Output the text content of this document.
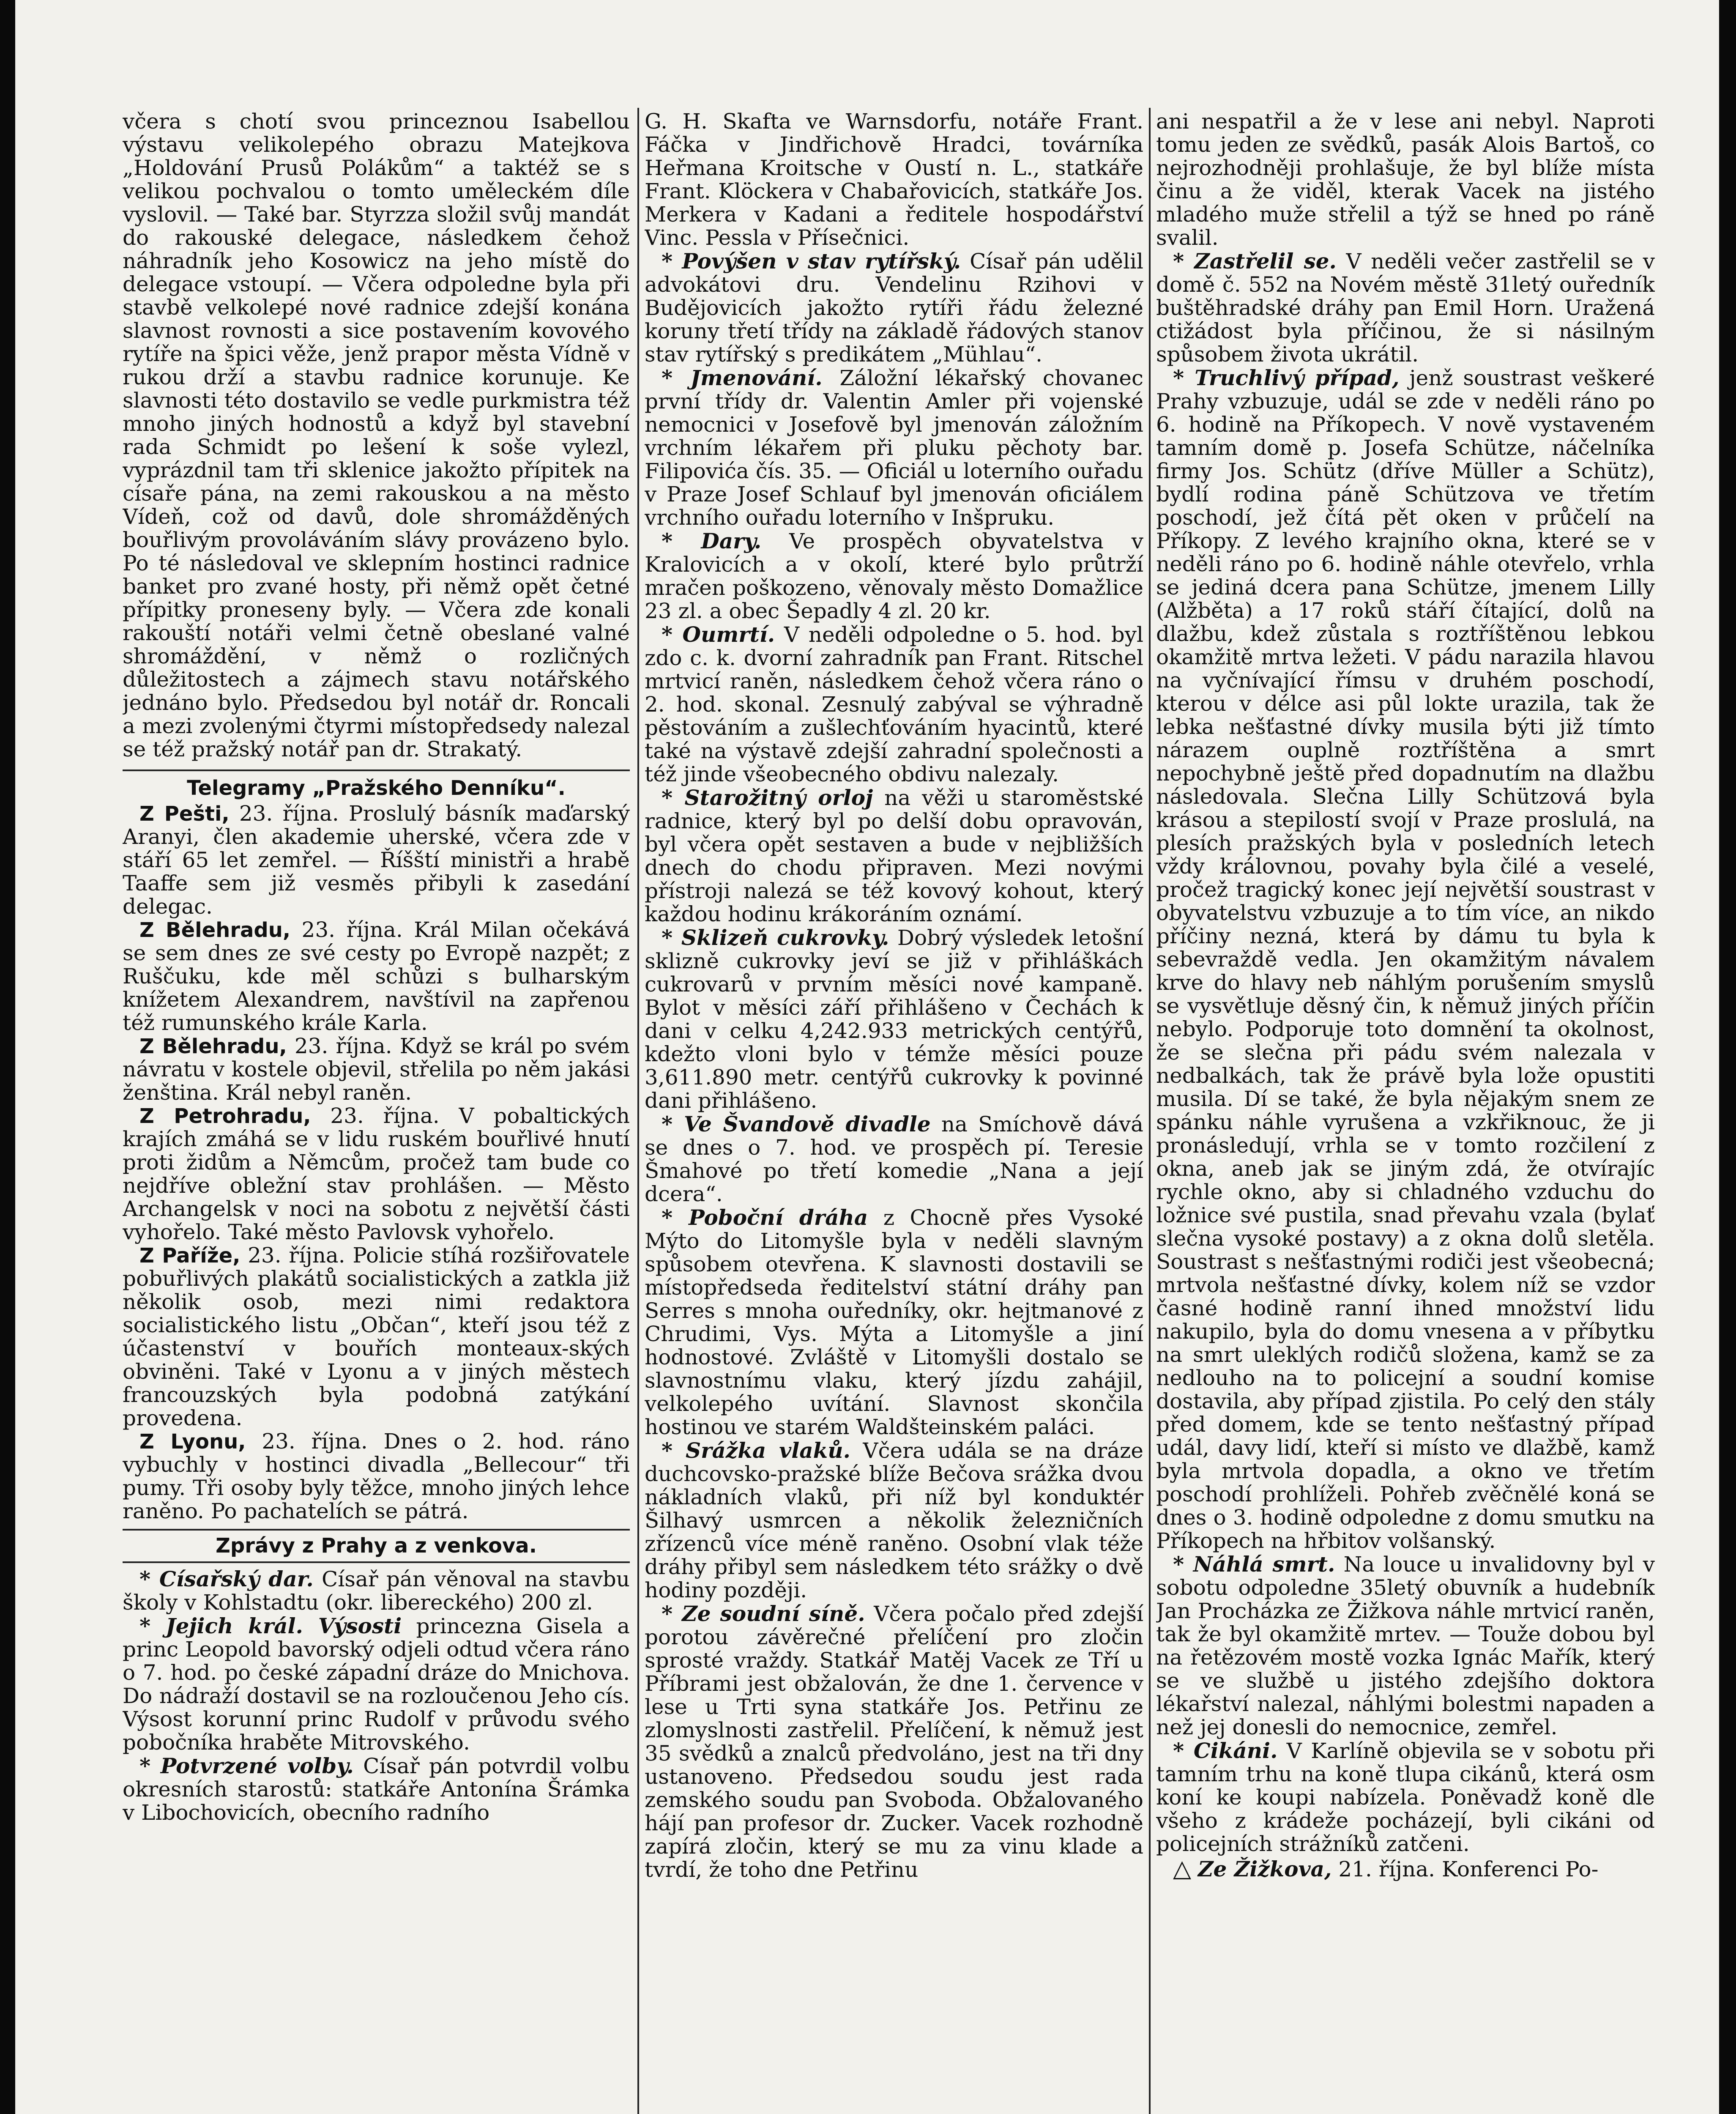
včera s chotí svou princeznou Isabellou výstavu velikolepého obrazu Matejkova „Holdování Prusů Polákům“ a taktéž se s velikou pochvalou o tomto uměleckém díle vyslovil. — Také bar. Styrzza složil svůj mandát do rakouské delegace, následkem čehož náhradník jeho Kosowicz na jeho místě do delegace vstoupí. — Včera odpoledne byla při stavbě velkolepé nové radnice zdejší konána slavnost rovnosti a sice postavením kovového rytíře na špici věže, jenž prapor města Vídně v rukou drží a stavbu radnice korunuje. Ke slavnosti této dostavilo se vedle purkmistra též mnoho jiných hodnostů a když byl stavební rada Schmidt po lešení k soše vylezl, vyprázdnil tam tři sklenice jakožto přípitek na císaře pána, na zemi rakouskou a na město Vídeň, což od davů, dole shromážděných bouřlivým provoláváním slávy provázeno bylo. Po té následoval ve sklepním hostinci radnice banket pro zvané hosty, při němž opět četné přípitky proneseny byly. — Včera zde konali rakouští notáři velmi četně obeslané valné shromáždění, v němž o rozličných důležitostech a zájmech stavu notářského jednáno bylo. Předsedou byl notář dr. Roncali a mezi zvolenými čtyrmi místopředsedy nalezal se též pražský notář pan dr. Strakatý.

Telegramy „Pražského Denníku“.

Z Pešti, 23. října. Proslulý básník maďarský Aranyi, člen akademie uherské, včera zde v stáří 65 let zemřel. — Říšští ministři a hrabě Taaffe sem již vesměs přibyli k zasedání delegac.

Z Bělehradu, 23. října. Král Milan očekává se sem dnes ze své cesty po Evropě nazpět; z Ruščuku, kde měl schůzi s bulharským knížetem Alexandrem, navštívil na zapřenou též rumunského krále Karla.

Z Bělehradu, 23. října. Když se král po svém návratu v kostele objevil, střelila po něm jakási ženština. Král nebyl raněn.

Z Petrohradu, 23. října. V pobaltických krajích zmáhá se v lidu ruském bouřlivé hnutí proti židům a Němcům, pročež tam bude co nejdříve obležní stav prohlášen. — Město Archangelsk v noci na sobotu z největší části vyhořelo. Také město Pavlovsk vyhořelo.

Z Paříže, 23. října. Policie stíhá rozšiřovatele pobuřlivých plakátů socialistických a zatkla již několik osob, mezi nimi redaktora socialistického listu „Občan“, kteří jsou též z účastenství v bouřích monteaux-ských obviněni. Také v Lyonu a v jiných městech francouzských byla podobná zatýkání provedena.

Z Lyonu, 23. října. Dnes o 2. hod. ráno vybuchly v hostinci divadla „Bellecour“ tři pumy. Tři osoby byly těžce, mnoho jiných lehce raněno. Po pachatelích se pátrá.

Zprávy z Prahy a z venkova.

* Císařský dar. Císař pán věnoval na stavbu školy v Kohlstadtu (okr. libereckého) 200 zl.

* Jejich král. Výsosti princezna Gisela a princ Leopold bavorský odjeli odtud včera ráno o 7. hod. po české západní dráze do Mnichova. Do nádraží dostavil se na rozloučenou Jeho cís. Výsost korunní princ Rudolf v průvodu svého pobočníka hraběte Mitrovského.

* Potvrzené volby. Císař pán potvrdil volbu okresních starostů: statkáře Antonína Šrámka v Libochovicích, obecního radního

G. H. Skafta ve Warnsdorfu, notáře Frant. Fáčka v Jindřichově Hradci, továrníka Heřmana Kroitsche v Oustí n. L., statkáře Frant. Klöckera v Chabařovicích, statkáře Jos. Merkera v Kadani a ředitele hospodářství Vinc. Pessla v Přísečnici.

* Povýšen v stav rytířský. Císař pán udělil advokátovi dru. Vendelinu Rzihovi v Budějovicích jakožto rytíři řádu železné koruny třetí třídy na základě řádových stanov stav rytířský s predikátem „Mühlau“.

* Jmenování. Záložní lékařský chovanec první třídy dr. Valentin Amler při vojenské nemocnici v Josefově byl jmenován záložním vrchním lékařem při pluku pěchoty bar. Filipovića čís. 35. — Oficiál u loterního ouřadu v Praze Josef Schlauf byl jmenován oficiálem vrchního ouřadu loterního v Inšpruku.

* Dary. Ve prospěch obyvatelstva v Kralovicích a v okolí, které bylo průtrží mračen poškozeno, věnovaly město Domažlice 23 zl. a obec Šepadly 4 zl. 20 kr.

* Oumrtí. V neděli odpoledne o 5. hod. byl zdo c. k. dvorní zahradník pan Frant. Ritschel mrtvicí raněn, následkem čehož včera ráno o 2. hod. skonal. Zesnulý zabýval se výhradně pěstováním a zušlechťováním hyacintů, které také na výstavě zdejší zahradní společnosti a též jinde všeobecného obdivu nalezaly.

* Starožitný orloj na věži u staroměstské radnice, který byl po delší dobu opravován, byl včera opět sestaven a bude v nejbližších dnech do chodu připraven. Mezi novými přístroji nalezá se též kovový kohout, který každou hodinu krákoráním oznámí.

* Sklizeň cukrovky. Dobrý výsledek letošní sklizně cukrovky jeví se již v přihláškách cukrovarů v prvním měsíci nové kampaně. Bylot v měsíci září přihlášeno v Čechách k dani v celku 4,242.933 metrických centýřů, kdežto vloni bylo v témže měsíci pouze 3,611.890 metr. centýřů cukrovky k povinné dani přihlášeno.

* Ve Švandově divadle na Smíchově dává se dnes o 7. hod. ve prospěch pí. Teresie Šmahové po třetí komedie „Nana a její dcera“.

* Poboční dráha z Chocně přes Vysoké Mýto do Litomyšle byla v neděli slavným spůsobem otevřena. K slavnosti dostavili se místopředseda ředitelství státní dráhy pan Serres s mnoha ouředníky, okr. hejtmanové z Chrudimi, Vys. Mýta a Litomyšle a jiní hodnostové. Zvláště v Litomyšli dostalo se slavnostnímu vlaku, který jízdu zahájil, velkolepého uvítání. Slavnost skončila hostinou ve starém Waldšteinském paláci.

* Srážka vlaků. Včera udála se na dráze duchcovsko-pražské blíže Bečova srážka dvou nákladních vlaků, při níž byl konduktér Šilhavý usmrcen a několik železničních zřízenců více méně raněno. Osobní vlak téže dráhy přibyl sem následkem této srážky o dvě hodiny později.

* Ze soudní síně. Včera počalo před zdejší porotou závěrečné přelíčení pro zločin sprosté vraždy. Statkář Matěj Vacek ze Tří u Příbrami jest obžalován, že dne 1. července v lese u Trti syna statkáře Jos. Petřinu ze zlomyslnosti zastřelil. Přelíčení, k němuž jest 35 svědků a znalců předvoláno, jest na tři dny ustanoveno. Předsedou soudu jest rada zemského soudu pan Svoboda. Obžalovaného hájí pan profesor dr. Zucker. Vacek rozhodně zapírá zločin, který se mu za vinu klade a tvrdí, že toho dne Petřinu

ani nespatřil a že v lese ani nebyl. Naproti tomu jeden ze svědků, pasák Alois Bartoš, co nejrozhodněji prohlašuje, že byl blíže místa činu a že viděl, kterak Vacek na jistého mladého muže střelil a týž se hned po ráně svalil.

* Zastřelil se. V neděli večer zastřelil se v domě č. 552 na Novém městě 31letý ouředník buštěhradské dráhy pan Emil Horn. Uražená ctižádost byla příčinou, že si násilným spůsobem života ukrátil.

* Truchlivý případ, jenž soustrast veškeré Prahy vzbuzuje, udál se zde v neděli ráno po 6. hodině na Příkopech. V nově vystaveném tamním domě p. Josefa Schütze, náčelníka firmy Jos. Schütz (dříve Müller a Schütz), bydlí rodina páně Schützova ve třetím poschodí, jež čítá pět oken v průčelí na Příkopy. Z levého krajního okna, které se v neděli ráno po 6. hodině náhle otevřelo, vrhla se jediná dcera pana Schütze, jmenem Lilly (Alžběta) a 17 roků stáří čítající, dolů na dlažbu, kdež zůstala s roztříštěnou lebkou okamžitě mrtva ležeti. V pádu narazila hlavou na vyčnívající římsu v druhém poschodí, kterou v délce asi půl lokte urazila, tak že lebka nešťastné dívky musila býti již tímto nárazem ouplně roztříštěna a smrt nepochybně ještě před dopadnutím na dlažbu následovala. Slečna Lilly Schützová byla krásou a stepilostí svojí v Praze proslulá, na plesích pražských byla v posledních letech vždy královnou, povahy byla čilé a veselé, pročež tragický konec její největší soustrast v obyvatelstvu vzbuzuje a to tím více, an nikdo příčiny nezná, která by dámu tu byla k sebevraždě vedla. Jen okamžitým návalem krve do hlavy neb náhlým porušením smyslů se vysvětluje děsný čin, k němuž jiných příčin nebylo. Podporuje toto domnění ta okolnost, že se slečna při pádu svém nalezala v nedbalkách, tak že právě byla lože opustiti musila. Dí se také, že byla nějakým snem ze spánku náhle vyrušena a vzkřiknouc, že ji pronásledují, vrhla se v tomto rozčilení z okna, aneb jak se jiným zdá, že otvírajíc rychle okno, aby si chladného vzduchu do ložnice své pustila, snad převahu vzala (bylať slečna vysoké postavy) a z okna dolů sletěla. Soustrast s nešťastnými rodiči jest všeobecná; mrtvola nešťastné dívky, kolem níž se vzdor časné hodině ranní ihned množství lidu nakupilo, byla do domu vnesena a v příbytku na smrt uleklých rodičů složena, kamž se za nedlouho na to policejní a soudní komise dostavila, aby případ zjistila. Po celý den stály před domem, kde se tento nešťastný případ udál, davy lidí, kteří si místo ve dlažbě, kamž byla mrtvola dopadla, a okno ve třetím poschodí prohlíželi. Pohřeb zvěčnělé koná se dnes o 3. hodině odpoledne z domu smutku na Příkopech na hřbitov volšanský.

* Náhlá smrt. Na louce u invalidovny byl v sobotu odpoledne 35letý obuvník a hudebník Jan Procházka ze Žižkova náhle mrtvicí raněn, tak že byl okamžitě mrtev. — Touže dobou byl na řetězovém mostě vozka Ignác Mařík, který se ve službě u jistého zdejšího doktora lékařství nalezal, náhlými bolestmi napaden a než jej donesli do nemocnice, zemřel.

* Cikáni. V Karlíně objevila se v sobotu při tamním trhu na koně tlupa cikánů, která osm koní ke koupi nabízela. Poněvadž koně dle všeho z krádeže pocházejí, byli cikáni od policejních strážníků zatčeni.

△ Ze Žižkova, 21. října. Konferenci Po-
